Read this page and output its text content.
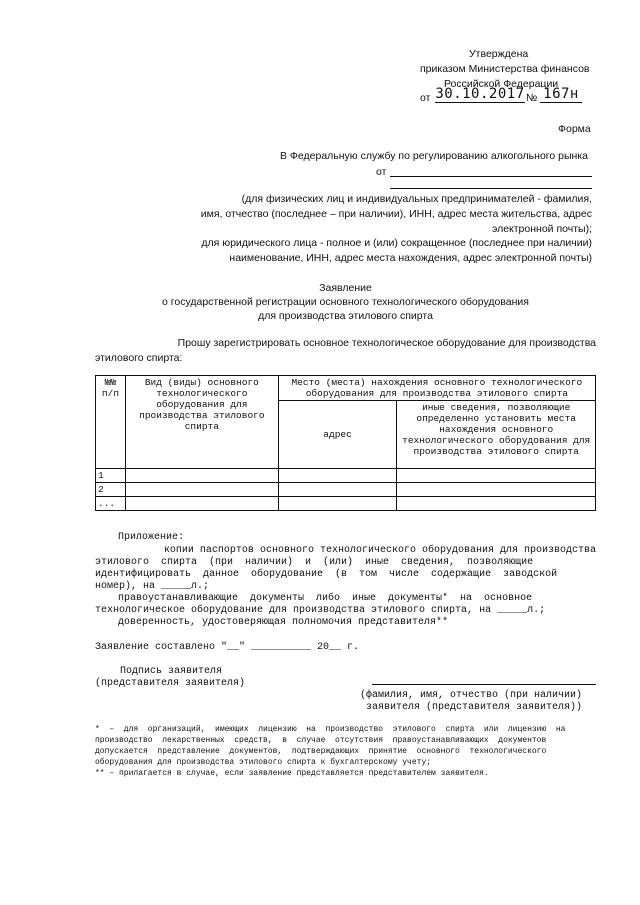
Утверждена
приказом Министерства финансов
Российской Федерации
от 30.10.2017 № 167н
Форма
В Федеральную службу по регулированию алкогольного рынка
от
(для физических лиц и индивидуальных предпринимателей - фамилия,
имя, отчество (последнее – при наличии), ИНН, адрес места жительства, адрес
электронной почты);
для юридического лица - полное и (или) сокращенное (последнее при наличии)
наименование, ИНН, адрес места нахождения, адрес электронной почты)
Заявление
о государственной регистрации основного технологического оборудования
для производства этилового спирта
Прошу зарегистрировать основное технологическое оборудование для производства
этилового спирта:
№№ п/п	Вид (виды) основного технологического оборудования для производства этилового спирта	Место (места) нахождения основного технологического оборудования для производства этилового спирта	
		адрес	иные сведения, позволяющие определенно установить места нахождения основного технологического оборудования для производства этилового спирта
1			
2			
...			
Приложение:
копии паспортов основного технологического оборудования для производства
этилового  спирта  (при  наличии)  и  (или)  иные  сведения,  позволяющие
идентифицировать  данное  оборудование  (в  том  числе  содержащие  заводской
номер), на _____л.;
правоустанавливающие  документы  либо  иные  документы*  на  основное
технологическое оборудование для производства этилового спирта, на _____л.;
доверенность, удостоверяющая полномочия представителя**
Заявление составлено "__" __________ 20__ г.
Подпись заявителя
(представителя заявителя)
(фамилия, имя, отчество (при наличии)
заявителя (представителя заявителя))
*  –  для  организаций,  имеющих  лицензию  на  производство  этилового  спирта  или  лицензию  на
производство  лекарственных  средств,  в  случае  отсутствия  правоустанавливающих  документов
допускается  представление  документов,  подтверждающих  принятие  основного  технологического
оборудования для производства этилового спирта к бухгалтерскому учету;
** – прилагается в случае, если заявление представляется представителем заявителя.
